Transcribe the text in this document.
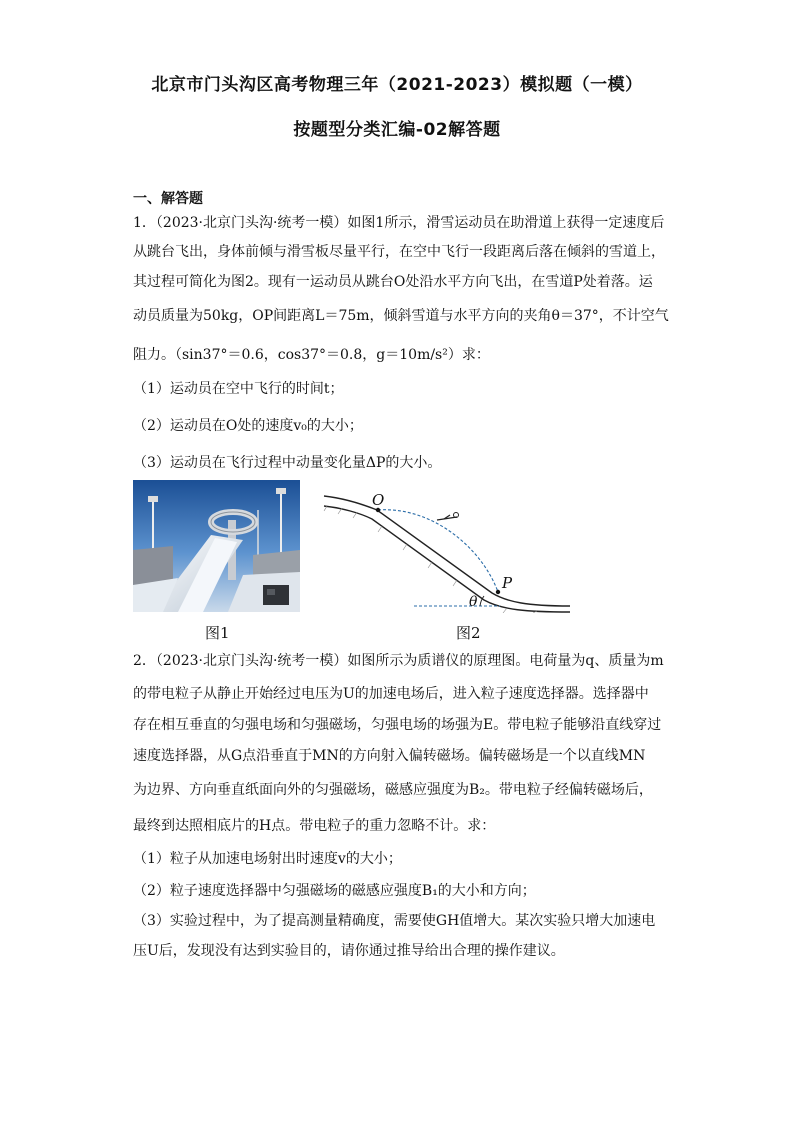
北京市门头沟区高考物理三年（2021-2023）模拟题（一模）
按题型分类汇编-02解答题
一、解答题
1．（2023·北京门头沟·统考一模）如图1所示，滑雪运动员在助滑道上获得一定速度后
从跳台飞出，身体前倾与滑雪板尽量平行，在空中飞行一段距离后落在倾斜的雪道上，
其过程可简化为图2。现有一运动员从跳台O处沿水平方向飞出，在雪道P处着落。运
动员质量为50kg，OP间距离L＝75m，倾斜雪道与水平方向的夹角θ＝37°，不计空气
阻力。（sin37°＝0.6，cos37°＝0.8，g＝10m/s²）求：
（1）运动员在空中飞行的时间t；
（2）运动员在O处的速度v₀的大小；
（3）运动员在飞行过程中动量变化量ΔP的大小。
O
P
θ
图1	图2
2．（2023·北京门头沟·统考一模）如图所示为质谱仪的原理图。电荷量为q、质量为m
的带电粒子从静止开始经过电压为U的加速电场后，进入粒子速度选择器。选择器中
存在相互垂直的匀强电场和匀强磁场，匀强电场的场强为E。带电粒子能够沿直线穿过
速度选择器，从G点沿垂直于MN的方向射入偏转磁场。偏转磁场是一个以直线MN
为边界、方向垂直纸面向外的匀强磁场，磁感应强度为B₂。带电粒子经偏转磁场后，
最终到达照相底片的H点。带电粒子的重力忽略不计。求：
（1）粒子从加速电场射出时速度v的大小；
（2）粒子速度选择器中匀强磁场的磁感应强度B₁的大小和方向；
（3）实验过程中，为了提高测量精确度，需要使GH值增大。某次实验只增大加速电
压U后，发现没有达到实验目的，请你通过推导给出合理的操作建议。
